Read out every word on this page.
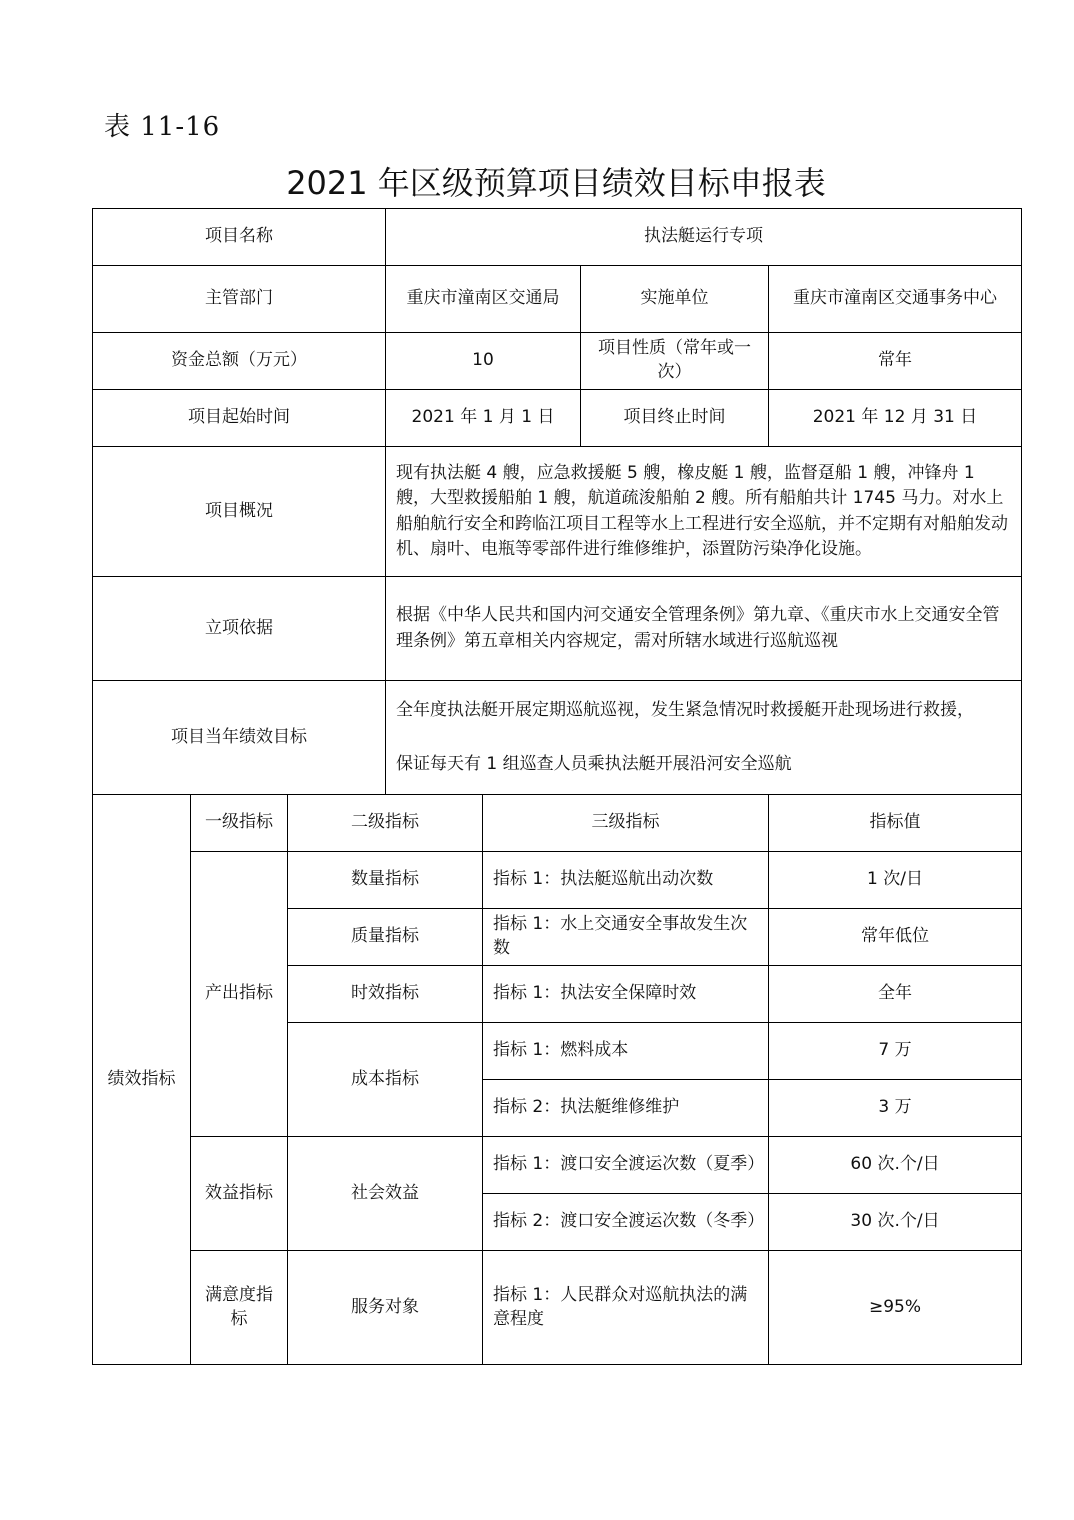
表 11-16
2021 年区级预算项目绩效目标申报表
项目名称			执法艇运行专项			
主管部门			重庆市潼南区交通局		实施单位	重庆市潼南区交通事务中心
资金总额（万元）			10		项目性质（常年或一次）	常年
项目起始时间			2021 年 1 月 1 日		项目终止时间	2021 年 12 月 31 日
项目概况			现有执法艇 4 艘，应急救援艇 5 艘，橡皮艇 1 艘，监督趸船 1 艘，冲锋舟 1 艘，大型救援船舶 1 艘，航道疏浚船舶 2 艘。所有船舶共计 1745 马力。对水上船舶航行安全和跨临江项目工程等水上工程进行安全巡航，并不定期有对船舶发动机、扇叶、电瓶等零部件进行维修维护，添置防污染净化设施。			
立项依据			根据《中华人民共和国内河交通安全管理条例》第九章、《重庆市水上交通安全管理条例》第五章相关内容规定，需对所辖水域进行巡航巡视			
项目当年绩效目标			全年度执法艇开展定期巡航巡视，发生紧急情况时救援艇开赴现场进行救援，
保证每天有 1 组巡查人员乘执法艇开展沿河安全巡航			

绩效指标	一级指标	二级指标		三级指标		指标值
	产出指标	数量指标		指标 1：执法艇巡航出动次数		1 次/日
		质量指标		指标 1：水上交通安全事故发生次数		常年低位
		时效指标		指标 1：执法安全保障时效		全年
		成本指标		指标 1：燃料成本		7 万
				指标 2：执法艇维修维护		3 万
	效益指标	社会效益		指标 1：渡口安全渡运次数（夏季）		60 次.个/日
				指标 2：渡口安全渡运次数（冬季）		30 次.个/日
	满意度指标	服务对象		指标 1：人民群众对巡航执法的满意程度		≥95%
